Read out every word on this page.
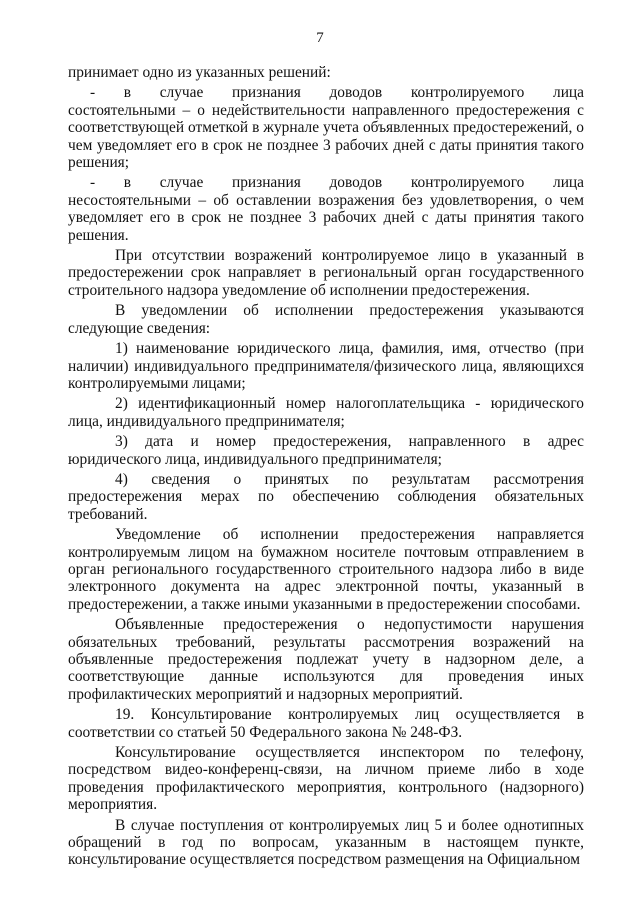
7

принимает одно из указанных решений:

- в случае признания доводов контролируемого лица

состоятельными – о недействительности направленного предостережения с соответствующей отметкой в журнале учета объявленных предостережений, о чем уведомляет его в срок не позднее 3 рабочих дней с даты принятия такого решения;

- в случае признания доводов контролируемого лица

несостоятельными – об оставлении возражения без удовлетворения, о чем уведомляет его в срок не позднее 3 рабочих дней с даты принятия такого решения.

При отсутствии возражений контролируемое лицо в указанный в предостережении срок направляет в региональный орган государственного строительного надзора уведомление об исполнении предостережения.

В уведомлении об исполнении предостережения указываются следующие сведения:

1) наименование юридического лица, фамилия, имя, отчество (при наличии) индивидуального предпринимателя/физического лица, являющихся контролируемыми лицами;

2) идентификационный номер налогоплательщика - юридического лица, индивидуального предпринимателя;

3) дата и номер предостережения, направленного в адрес юридического лица, индивидуального предпринимателя;

4) сведения о принятых по результатам рассмотрения предостережения мерах по обеспечению соблюдения обязательных требований.

Уведомление об исполнении предостережения направляется контролируемым лицом на бумажном носителе почтовым отправлением в орган регионального государственного строительного надзора либо в виде электронного документа на адрес электронной почты, указанный в предостережении, а также иными указанными в предостережении способами.

Объявленные предостережения о недопустимости нарушения обязательных требований, результаты рассмотрения возражений на объявленные предостережения подлежат учету в надзорном деле, а соответствующие данные используются для проведения иных профилактических мероприятий и надзорных мероприятий.

19. Консультирование контролируемых лиц осуществляется в соответствии со статьей 50 Федерального закона № 248-ФЗ.

Консультирование осуществляется инспектором по телефону, посредством видео-конференц-связи, на личном приеме либо в ходе проведения профилактического мероприятия, контрольного (надзорного) мероприятия.

В случае поступления от контролируемых лиц 5 и более однотипных обращений в год по вопросам, указанным в настоящем пункте, консультирование осуществляется посредством размещения на Официальном
